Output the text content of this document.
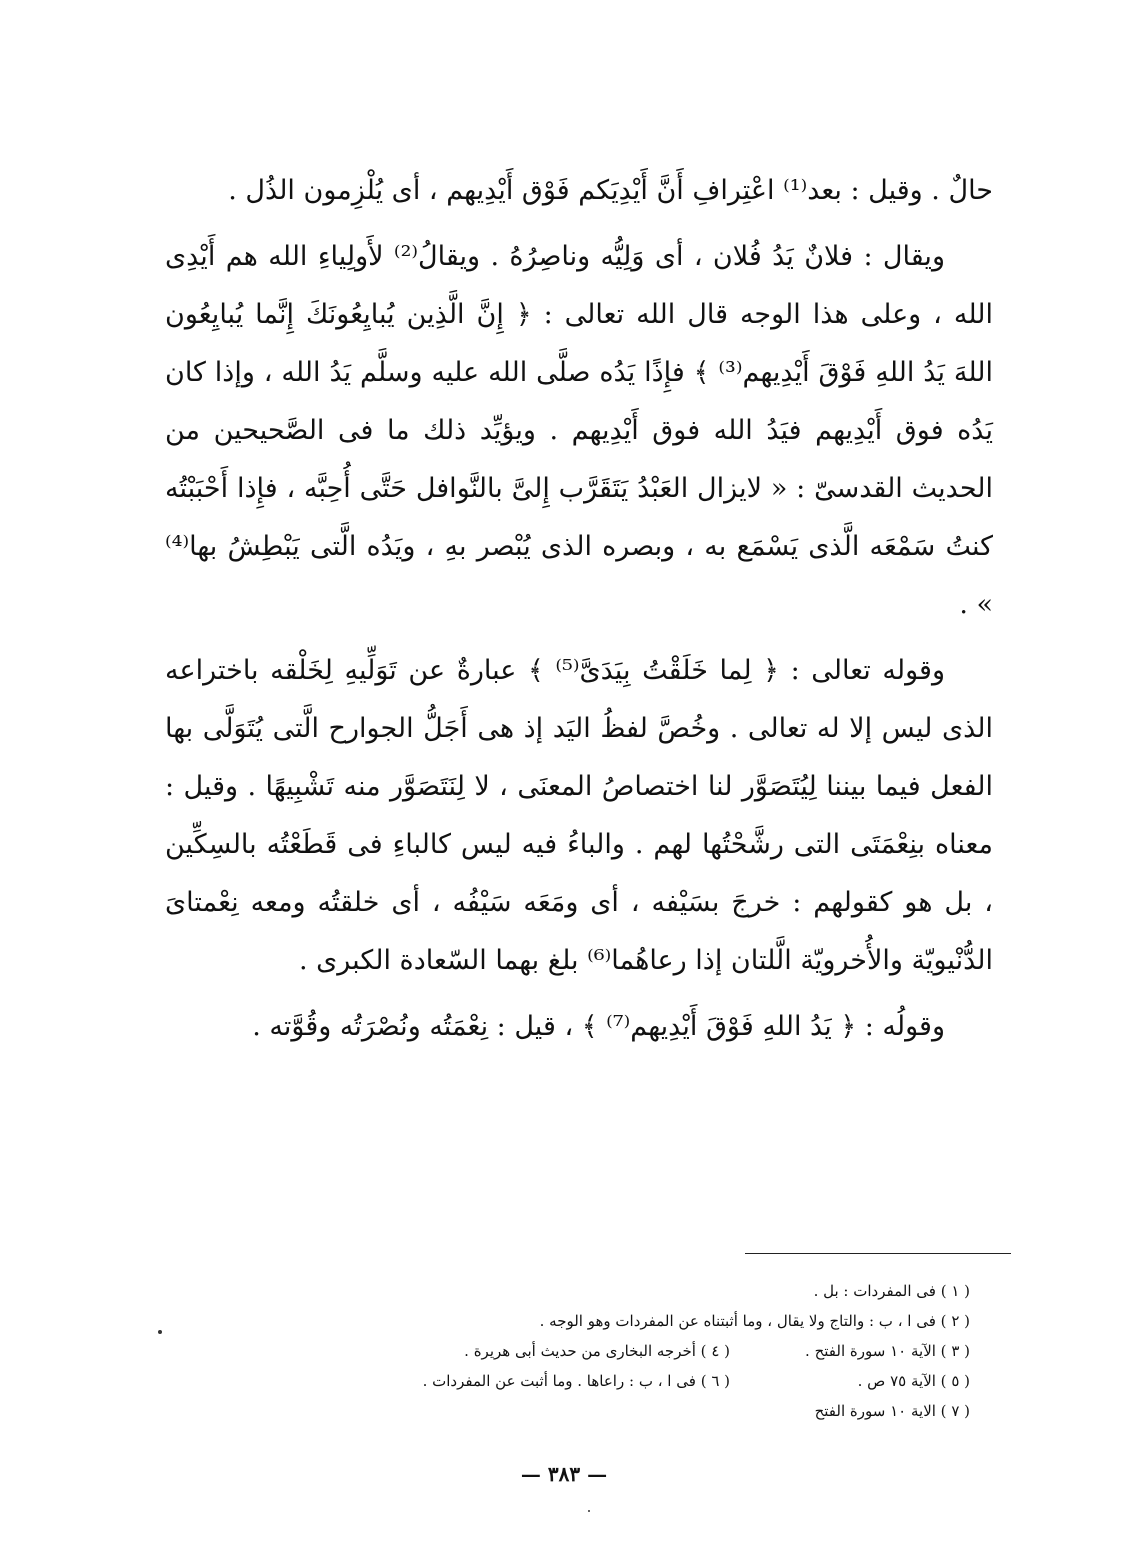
حالٌ . وقيل : بعد⁽¹⁾ اعْتِرافِ أَنَّ أَيْدِيَكم فَوْق أَيْدِيهم ، أى يُلْزِمون الذُل .

ويقال : فلانٌ يَدُ فُلان ، أى وَلِيُّه وناصِرُهُ . ويقالُ⁽²⁾ لأَولِياءِ الله هم أَيْدِى الله ، وعلى هذا الوجه قال الله تعالى : ﴿ إِنَّ الَّذِين يُبايِعُونَكَ إِنَّما يُبايِعُون اللهَ يَدُ اللهِ فَوْقَ أَيْدِيهم⁽³⁾ ﴾ فإِذًا يَدُه صلَّى الله عليه وسلَّم يَدُ الله ، وإذا كان يَدُه فوق أَيْدِيهم فيَدُ الله فوق أَيْدِيهم . ويؤيِّد ذلك ما فى الصَّحيحين من الحديث القدسىّ : « لايزال العَبْدُ يَتَقَرَّب إِلىَّ بالنَّوافل حَتَّى أُحِبَّه ، فإِذا أَحْبَبْتُه كنتُ سَمْعَه الَّذى يَسْمَع به ، وبصره الذى يُبْصر بهِ ، ويَدُه الَّتى يَبْطِشُ بها⁽⁴⁾ » .

وقوله تعالى : ﴿ لِما خَلَقْتُ بِيَدَىَّ⁽⁵⁾ ﴾ عبارةٌ عن تَوَلِّيهِ لِخَلْقه باختراعه الذى ليس إلا له تعالى . وخُصَّ لفظُ اليَد إذ هى أَجَلُّ الجوارح الَّتى يُتَوَلَّى بها الفعل فيما بيننا لِيُتَصَوَّر لنا اختصاصُ المعنَى ، لا لِنَتَصَوَّر منه تَشْبِيهًا . وقيل : معناه بنِعْمَتَى التى رشَّحْتُها لهم . والباءُ فيه ليس كالباءِ فى قَطَعْتُه بالسِكِّين ، بل هو كقولهم : خرجَ بسَيْفه ، أى ومَعَه سَيْفُه ، أى خلقتُه ومعه نِعْمتاىَ الدُّنْيويّة والأُخرويّة الَّلتان إذا رعاهُما⁽⁶⁾ بلغ بهما السّعادة الكبرى .

وقولُه : ﴿ يَدُ اللهِ فَوْقَ أَيْدِيهم⁽⁷⁾ ﴾ ، قيل : نِعْمَتُه ونُصْرَتُه وقُوَّته .

( ١ ) فى المفردات : بل .
( ٢ ) فى ا ، ب : والتاج ولا يقال ، وما أثبتناه عن المفردات وهو الوجه .
( ٣ ) الآية ١٠ سورة الفتح .
( ٤ ) أخرجه البخارى من حديث أبى هريرة .
( ٥ ) الآية ٧٥ ص .
( ٦ ) فى ا ، ب : راعاها . وما أثبت عن المفردات .
( ٧ ) الاية ١٠ سورة الفتح
— ٣٨٣ —
